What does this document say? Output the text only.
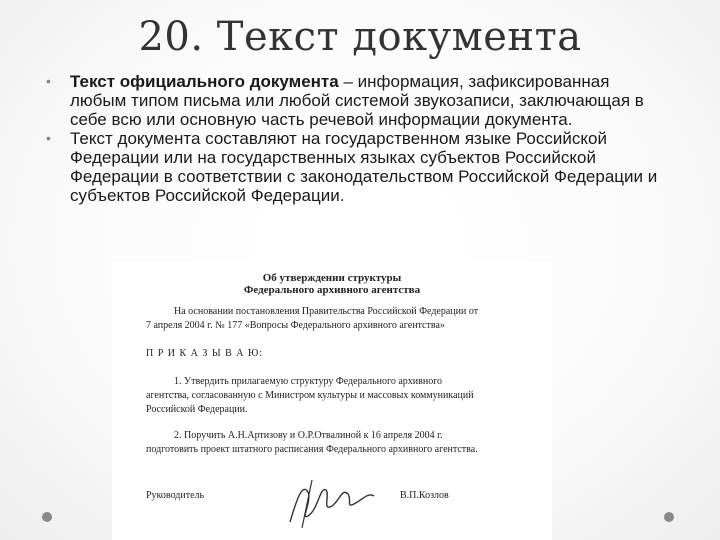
20. Текст документа
• Текст официального документа – информация, зафиксированная любым типом письма или любой системой звукозаписи, заключающая в себе всю или основную часть речевой информации документа.
• Текст документа составляют на государственном языке Российской Федерации или на государственных языках субъектов Российской Федерации в соответствии с законодательством Российской Федерации и субъектов Российской Федерации.
Об утверждении структуры
Федерального архивного агентства
На основании постановления Правительства Российской Федерации от
7 апреля 2004 г. № 177 «Вопросы Федерального архивного агентства»
П Р И К А З Ы В А Ю:
1. Утвердить прилагаемую структуру Федерального архивного
агентства, согласованную с Министром культуры и массовых коммуникаций
Российской Федерации.
2. Поручить А.Н.Артизову и О.Р.Отвалиной к 16 апреля 2004 г.
подготовить проект штатного расписания Федерального архивного агентства.
Руководитель	В.П.Козлов
